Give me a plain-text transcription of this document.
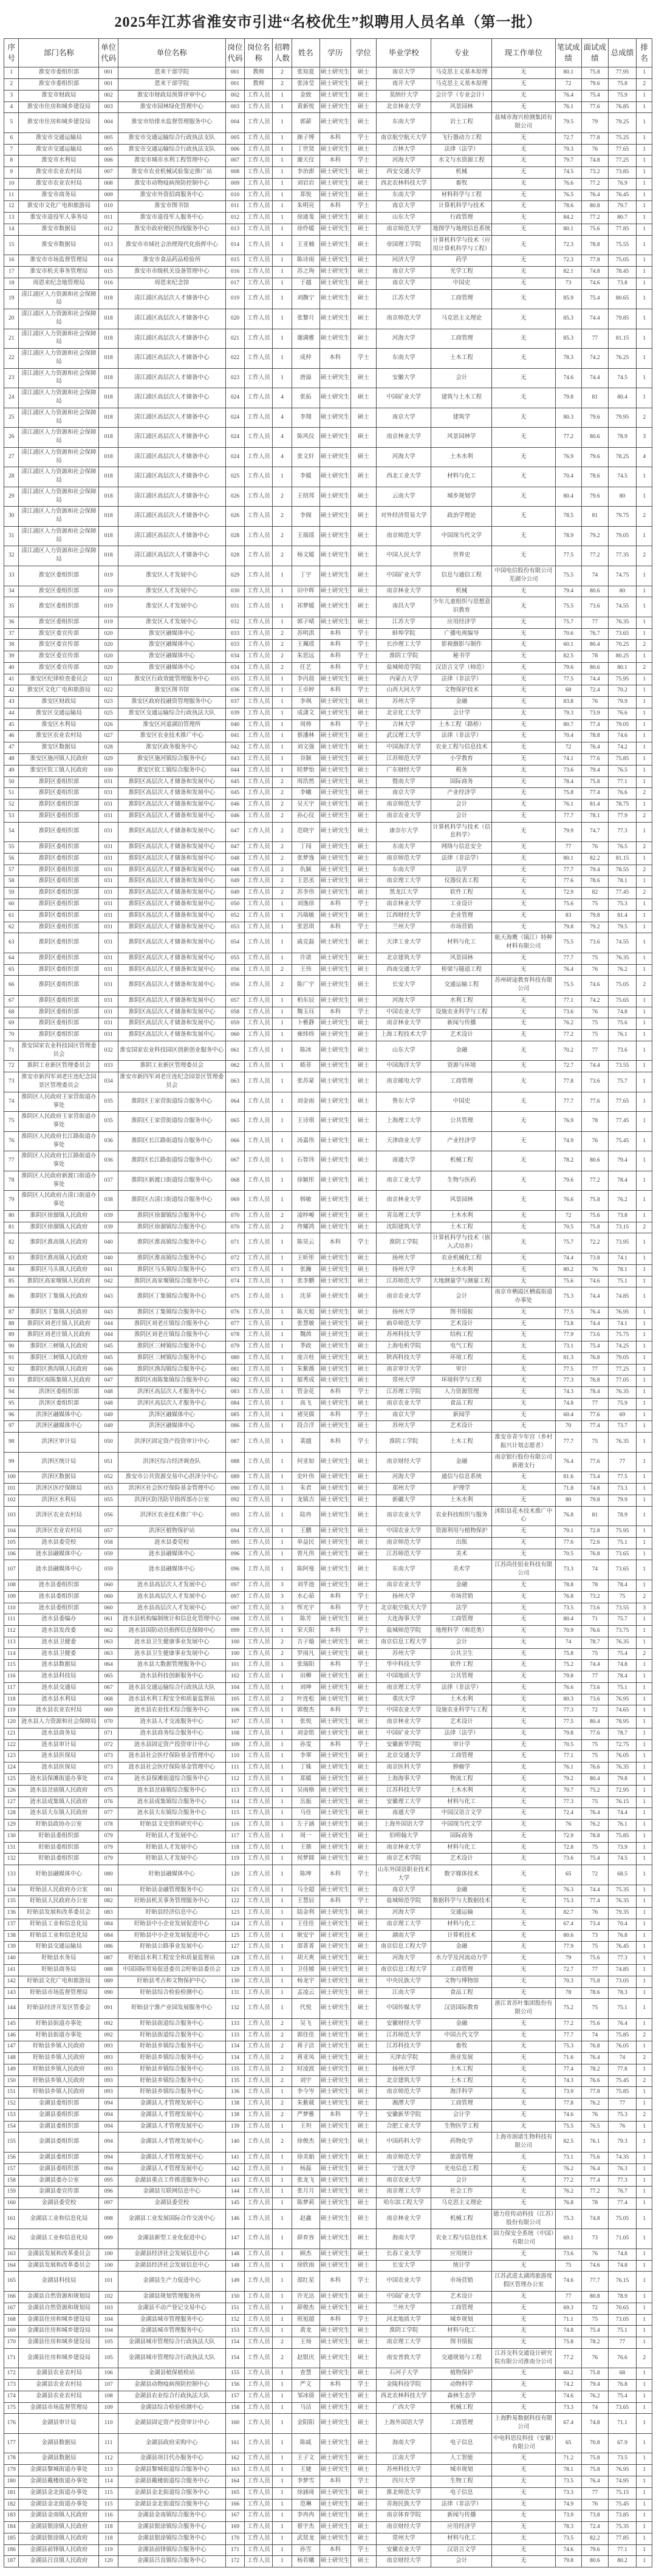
2025年江苏省淮安市引进“名校优生”拟聘用人员名单（第一批）
序号	部门名称	单位代码	单位名称	岗位代码	岗位名称	招聘人数	姓名	学历	学位	毕业学校	专业	现工作单位	笔试成绩	面试成绩	总成绩	排名
1	淮安市委组织部	001	恩来干部学院	001	教师	2	张知夏	硕士研究生	硕士	南京大学	马克思主义基本原理	无	80.1	75.8	77.95	1
2	淮安市委组织部	001	恩来干部学院	001	教师	2	张沛莹	硕士研究生	硕士	南开大学	马克思主义基本原理	无	72	79.6	75.8	2
3	淮安市财政局	002	淮安市财政局预算评审中心	002	工作人员	1	金致	硕士研究生	硕士	莫纳什大学	会计学（专业会计）	无	76.4	75.4	75.9	1
4	淮安市住房和城乡建设局	003	淮安市园林绿化管理中心	003	工作人员	1	黄新悦	硕士研究生	硕士	北京林业大学	风景园林	无	76.1	77.6	76.85	1
5	淮安市住房和城乡建设局	004	淮安市给排水监督管理服务中心	004	工作人员	1	郭薪	硕士研究生	硕士	东南大学	岩土工程	盐城市海兴检测集团有限公司	79.5	79	79.25	1
6	淮安市交通运输局	005	淮安市交通运输综合行政执法支队	005	工作人员	1	颜子博	本科	学士	南京航空航天大学	飞行器动力工程	无	72.7	77.8	75.25	1
7	淮安市交通运输局	005	淮安市交通运输综合行政执法支队	006	工作人员	1	丁世贤	硕士研究生	硕士	吉林大学	法律（法学）	无	79.3	76	77.65	1
8	淮安市水利局	006	淮安市城市水利工程管理中心	007	工作人员	1	谢天仪	本科	学士	河海大学	水文与水资源工程	无	79.7	74.8	77.25	1
9	淮安市农业农村局	007	淮安市农业机械试验鉴定推广站	008	工作人员	1	李治澎	硕士研究生	硕士	西安交通大学	机械	无	74.5	73.2	73.85	1
10	淮安市农业农村局	008	淮安市动物疫病预防控制中心	009	工作人员	1	刘岩岩	硕士研究生	硕士	西北农林科技大学	畜牧	无	76.6	77.2	76.9	1
11	淮安市商务局	009	淮安市外资招商服务中心	010	工作人员	1	郑悦	硕士研究生	硕士	东南大学	材料科学与工程	无	76.5	76.4	76.45	1
12	淮安市文化广电和旅游局	010	淮安市图书馆	011	工作人员	1	朱明亮	本科	学士	南京大学	计算机科学与技术	无	78.6	80.8	79.7	1
13	淮安市退役军人事务局	011	淮安市退役军人服务中心	012	工作人员	1	徐迪斐	硕士研究生	硕士	山东大学	行政管理	无	84.2	77.2	80.7	1
14	淮安市数据局	012	淮安市政府便民热线服务中心	013	工作人员	1	徐伶媛	硕士研究生	硕士	南京师范大学	地图学与地理信息系统	无	80.1	75.6	77.85	1
15	淮安市数据局	013	淮安市市域社会治理现代化指挥中心	014	工作人员	1	王亚楠	硕士研究生	硕士	帝国理工学院	计算机科学与技术（应用计算机科学与工程）	无	72.3	78.8	75.55	1
16	淮安市市场监督管理局	014	淮安市食品药品检验所	015	工作人员	1	陈诗雨	硕士研究生	硕士	同济大学	药学	无	72.3	77.8	75.05	1
17	淮安市机关事务管理局	015	淮安市市级机关设备管理中心	016	工作人员	1	苏之珣	硕士研究生	硕士	南京大学	光学工程	无	82.1	74.8	78.45	1
18	周恩来纪念地管理局	016	周恩来纪念馆	017	工作人员	1	于越	硕士研究生	硕士	南京大学	中国史	无	73	74.6	73.8	1
19	清江浦区人力资源和社会保障局	018	清江浦区高层次人才储备中心	019	工作人员	1	刘馥宁	硕士研究生	硕士	江苏大学	工商管理	无	85.9	75.4	80.65	1
20	清江浦区人力资源和社会保障局	018	清江浦区高层次人才储备中心	020	工作人员	1	张黎月	硕士研究生	硕士	南京师范大学	马克思主义理论	无	85.3	74.4	79.85	1
21	清江浦区人力资源和社会保障局	018	清江浦区高层次人才储备中心	021	工作人员	1	谢满雅	硕士研究生	硕士	河海大学	工商管理	无	85.3	77	81.15	1
22	清江浦区人力资源和社会保障局	018	清江浦区高层次人才储备中心	022	工作人员	1	成仲	本科	学士	东南大学	土木工程	无	78.3	74.2	76.25	1
23	清江浦区人力资源和社会保障局	018	清江浦区高层次人才储备中心	023	工作人员	1	唐溢	硕士研究生	硕士	安徽大学	会计	无	74.6	74.4	74.5	1
24	清江浦区人力资源和社会保障局	018	清江浦区高层次人才储备中心	024	工作人员	4	张拓	硕士研究生	硕士	中国矿业大学	建筑与土木工程	无	79.8	81	80.4	1
25	清江浦区人力资源和社会保障局	018	清江浦区高层次人才储备中心	024	工作人员	4	李翔	硕士研究生	硕士	南京大学	建筑学	无	80.3	79.6	79.95	2
26	清江浦区人力资源和社会保障局	018	清江浦区高层次人才储备中心	024	工作人员	4	陈风仪	硕士研究生	硕士	南京林业大学	风景园林学	无	77.2	80.6	78.9	3
27	清江浦区人力资源和社会保障局	018	清江浦区高层次人才储备中心	024	工作人员	4	张文轩	硕士研究生	硕士	河海大学	土木水利	无	76.9	79.6	78.25	4
28	清江浦区人力资源和社会保障局	018	清江浦区高层次人才储备中心	025	工作人员	1	李媛	硕士研究生	硕士	西北工业大学	材料与化工	无	70.4	78.6	74.5	1
29	清江浦区人力资源和社会保障局	018	清江浦区高层次人才储备中心	026	工作人员	2	王绍邦	硕士研究生	硕士	云南大学	城乡规划学	无	80.4	79.6	80	1
30	清江浦区人力资源和社会保障局	018	清江浦区高层次人才储备中心	026	工作人员	2	李阁	硕士研究生	硕士	对外经济贸易大学	政治学理论	无	78.5	81	79.75	2
31	清江浦区人力资源和社会保障局	018	清江浦区高层次人才储备中心	028	工作人员	2	王瑞瑶	硕士研究生	硕士	南京师范大学	中国现当代文学	无	78.9	79.2	79.05	1
32	清江浦区人力资源和社会保障局	018	清江浦区高层次人才储备中心	028	工作人员	2	杨文媛	硕士研究生	硕士	中国人民大学	世界史	无	77.5	77.2	77.35	2
33	淮安区委组织部	019	淮安区人才发展中心	029	工作人员	1	丁宇	硕士研究生	硕士	中国矿业大学	信息与通信工程	中国电信股份有限公司芜湖分公司	75.5	74	74.75	1
34	淮安区委组织部	019	淮安区人才发展中心	030	工作人员	1	田中辉	硕士研究生	硕士	南京林业大学	机械	无	79.4	80.6	80	1
35	淮安区委组织部	019	淮安区人才发展中心	031	工作人员	1	祁梦媛	硕士研究生	硕士	南昌大学	少年儿童组织与思想意识教育	无	75.5	73.6	74.55	1
36	淮安区委组织部	019	淮安区人才发展中心	032	工作人员	1	郭子晴	硕士研究生	硕士	江苏大学	应用经济学	无	75.7	77	76.35	1
37	淮安区委宣传部	020	淮安区融媒体中心	033	工作人员	2	苏明淇	本科	学士	蚌埠学院	广播电视编导	无	70.6	76.7	73.65	1
38	淮安区委宣传部	020	淮安区融媒体中心	033	工作人员	2	王珮瑶	本科	学士	长沙理工大学	影视摄影与制作	无	60.1	80.4	70.25	2
39	淮安区委宣传部	020	淮安区融媒体中心	034	工作人员	2	朱思远	本科	学士	淮阴工学院	秘书学	无	82.5	78	80.25	1
40	淮安区委宣传部	020	淮安区融媒体中心	034	工作人员	2	任艺	本科	学士	盐城师范学院	汉语言文学（师范）	无	79.6	80.6	80.1	2
41	淮安区纪律检查委员会	021	淮安区行政效能管理服务中心	035	工作人员	1	李丙晨	硕士研究生	硕士	内蒙古大学	法律（非法学）	无	77.5	74.4	75.95	1
42	淮安区文化广电和旅游局	022	淮安区图书馆	036	工作人员	1	王卓婷	本科	学士	山西大同大学	文物保护技术	无	68	72.4	70.2	1
43	淮安区财政局	023	淮安区政府投融资管理服务中心	037	工作人员	1	李飒	硕士研究生	硕士	苏州大学	金融	无	83.8	76	79.9	1
44	淮安区交通运输局	025	淮安区交通运输综合行政执法大队	039	工作人员	1	成潇文	硕士研究生	硕士	北京化工大学	会计学	无	79.3	73.9	76.6	1
45	淮安区水利局	026	淮安区河道湖泊管理所	040	工作人员	1	周帅	本科	学士	吉林大学	土木工程（路桥）	无	80.7	77.4	79.05	1
46	淮安区农业农村局	027	淮安区农业技术推广中心	041	工作人员	1	蔡潘林	硕士研究生	硕士	武汉理工大学	法律（非法学）	无	70.4	78.8	74.6	1
47	淮安区数据局	028	淮安区政务服务中心	042	工作人员	1	刘文强	硕士研究生	硕士	中国海洋大学	农业工程与信息技术	无	72	76.4	74.2	1
48	淮安区施河镇人民政府	029	淮安区施河镇综合服务中心	043	工作人员	1	谷颖	硕士研究生	硕士	江苏师范大学	小学教育	无	74.1	77.6	75.85	1
49	淮安区钦工镇人民政府	030	淮安区钦工镇综合服务中心	044	工作人员	1	眭梦怡	硕士研究生	硕士	广东财经大学	税务	无	73.6	79.4	76.5	1
50	淮阴区委组织部	031	淮阴区高层次人才储备和发展中心	045	工作人员	2	周浩然	硕士研究生	硕士	暨南大学	国际商务	无	78.4	75.8	77.1	1
51	淮阴区委组织部	031	淮阴区高层次人才储备和发展中心	045	工作人员	2	李曦	硕士研究生	硕士	南京大学	产业经济学	无	75.8	77.4	76.6	2
52	淮阴区委组织部	031	淮阴区高层次人才储备和发展中心	046	工作人员	2	吴天宇	硕士研究生	硕士	南京师范大学	会计	无	76.1	81.4	78.75	1
53	淮阴区委组织部	031	淮阴区高层次人才储备和发展中心	046	工作人员	2	孙心仪	硕士研究生	硕士	南京农业大学	会计	无	77.7	78.1	77.9	2
54	淮阴区委组织部	031	淮阴区高层次人才储备和发展中心	047	工作人员	2	范晓宇	硕士研究生	硕士	康奈尔大学	计算机科学与技术（信息科学）	无	79.9	74.7	77.3	1
55	淮阴区委组织部	031	淮阴区高层次人才储备和发展中心	047	工作人员	2	丁闯	硕士研究生	硕士	东南大学	网络与信息安全	无	77	76	76.5	2
56	淮阴区委组织部	031	淮阴区高层次人才储备和发展中心	048	工作人员	2	张梦逸	硕士研究生	硕士	南京师范大学	法律（非法学）	无	80.1	82.2	81.15	1
57	淮阴区委组织部	031	淮阴区高层次人才储备和发展中心	048	工作人员	2	仇颖	硕士研究生	硕士	东南大学	法学	无	77.7	79.4	78.55	2
58	淮阴区委组织部	031	淮阴区高层次人才储备和发展中心	049	工作人员	2	王思丞	硕士研究生	硕士	南京理工大学	仪器仪表工程	无	77.6	78.6	78.1	1
59	淮阴区委组织部	031	淮阴区高层次人才储备和发展中心	049	工作人员	2	苏李伟	硕士研究生	硕士	黑龙江大学	软件工程	无	72.9	82	77.45	2
60	淮阴区委组织部	031	淮阴区高层次人才储备和发展中心	050	工作人员	1	刘逸徐	本科	学士	南京林业大学	工业设计	无	75.6	75	75.3	1
61	淮阴区委组织部	031	淮阴区高层次人才储备和发展中心	052	工作人员	1	冯瑞敏	硕士研究生	硕士	江西财经大学	企业管理	无	83	79.8	81.4	1
62	淮阴区委组织部	031	淮阴区高层次人才储备和发展中心	053	工作人员	1	张思琪	本科	学士	兰州大学	市场营销	无	79.8	79.2	79.5	1
63	淮阴区委组织部	031	淮阴区高层次人才储备和发展中心	054	工作人员	1	戚克磊	硕士研究生	硕士	天津工业大学	材料与化工	航天海鹰（镇江）特种材料有限公司	75.5	73.6	74.55	1
64	淮阴区委组织部	031	淮阴区高层次人才储备和发展中心	055	工作人员	1	许诺	硕士研究生	硕士	北京建筑大学	风景园林	无	77.7	75	76.35	1
65	淮阴区委组织部	031	淮阴区高层次人才储备和发展中心	056	工作人员	2	王伟	硕士研究生	硕士	西南交通大学	桥梁与隧道工程	无	76.4	76	76.2	1
66	淮阴区委组织部	031	淮阴区高层次人才储备和发展中心	056	工作人员	2	陈广宇	硕士研究生	硕士	长安大学	交通运输工程	苏州研途教育科技有限公司	75.5	74.6	75.05	2
67	淮阴区委组织部	031	淮阴区高层次人才储备和发展中心	057	工作人员	1	柏东辰	硕士研究生	硕士	河海大学	水利工程	无	77.1	74.2	75.65	1
68	淮阴区委组织部	031	淮阴区高层次人才储备和发展中心	058	工作人员	1	魏玉珏	本科	学士	中国农业大学	设施农业科学与工程	无	73.6	76	74.8	1
69	淮阴区委组织部	031	淮阴区高层次人才储备和发展中心	059	工作人员	1	卜雅静	硕士研究生	硕士	南京林业大学	新闻与传播	无	76.2	75	75.6	1
70	淮阴区委组织部	031	淮阴区高层次人才储备和发展中心	060	工作人员	1	雍炜炜	硕士研究生	硕士	上海工程技术大学	艺术设计	无	77.2	75	76.1	1
71	淮安国家农业科技园区管理委员会	032	淮安国家农业科技园区创新创业服务中心	061	工作人员	1	陈冰	硕士研究生	硕士	山东大学	金融	无	70.2	77	73.6	1
72	淮阴工业新区管理委员会	033	淮阴工业新区管理委员会	062	工作人员	1	嵇菲	硕士研究生	硕士	中国海洋大学	资源与环境	无	72.7	74.4	73.55	1
73	淮安市新四军刘老庄连纪念园景区管理委员会	034	淮安市新四军刘老庄连纪念园景区管理委员会	063	工作人员	1	张苏蒙	硕士研究生	硕士	南京邮电大学	工商管理	无	77.8	73.6	75.7	1
74	淮阴区人民政府王家营街道办事处	035	淮阴区王家营街道综合服务中心	064	工作人员	1	刘金雨	硕士研究生	硕士	鲁东大学	中国史	无	77.7	77.6	77.65	1
75	淮阴区人民政府王家营街道办事处	035	淮阴区王家营街道综合服务中心	065	工作人员	1	王诗琪	硕士研究生	硕士	上海理工大学	公共管理	无	76.9	78	77.45	1
76	淮阴区人民政府长江路街道办事处	036	淮阴区长江路街道综合服务中心	066	工作人员	1	汤嘉伟	硕士研究生	硕士	天津商业大学	产业经济学	无	74.9	76	75.45	1
77	淮阴区人民政府长江路街道办事处	036	淮阴区长江路街道综合服务中心	067	工作人员	1	石智玮	硕士研究生	硕士	南通大学	机械工程	无	78.2	80.6	79.4	1
78	淮阴区人民政府新渡口街道办事处	037	淮阴区新渡口街道综合服务中心	068	工作人员	1	徐颖彤	硕士研究生	硕士	南京工业大学	生物与医药	无	79.6	77.2	78.4	1
79	淮阴区人民政府古清口街道办事处	038	淮阴区古清口街道综合服务中心	069	工作人员	1	韩敏	硕士研究生	硕士	南京林业大学	风景园林	无	76.6	75.8	76.2	1
80	淮阴区徐溜镇人民政府	039	淮阴区徐溜镇综合服务中心	070	工作人员	2	凌梓峻	硕士研究生	硕士	青岛理工大学	土木水利	无	72	75.6	73.8	1
81	淮阴区徐溜镇人民政府	039	淮阴区徐溜镇综合服务中心	070	工作人员	2	佟耀鸿	硕士研究生	硕士	沈阳建筑大学	土木工程	无	70.5	75.8	73.15	2
82	淮阴区淮高镇人民政府	040	淮阴区淮高镇综合服务中心	071	工作人员	1	陈昊云	本科	学士	淮阴工学院	计算机科学与技术（嵌入式培养）	无	75.7	72.2	73.95	1
83	淮阴区淮高镇人民政府	040	淮阴区淮高镇综合服务中心	072	工作人员	1	王昕彤	硕士研究生	硕士	扬州大学	农业机械化工程	无	74.4	73.8	74.1	1
84	淮阴区马头镇人民政府	041	淮阴区马头镇综合服务中心	073	工作人员	1	张瀚	硕士研究生	硕士	扬州大学	土木水利	无	80.2	76	78.1	1
85	淮阴区高家堰镇人民政府	042	淮阴区高家堰镇综合服务中心	074	工作人员	1	张李鹏	硕士研究生	硕士	江苏师范大学	大地测量学与测量工程	无	75.6	74.6	75.1	1
86	淮阴区丁集镇人民政府	043	淮阴区丁集镇综合服务中心	075	工作人员	1	沈菲	硕士研究生	硕士	南京农业大学	会计	南京市栖霞区栖霞街道办事处	75.3	74.4	74.85	1
87	淮阴区丁集镇人民政府	043	淮阴区丁集镇综合服务中心	076	工作人员	1	陈天旭	硕士研究生	硕士	扬州大学	图书情报	无	77.5	76.4	76.95	1
88	淮阴区刘老庄镇人民政府	044	淮阴区刘老庄镇综合服务中心	077	工作人员	1	张慧敏	硕士研究生	硕士	曲阜师范大学	艺术设计	无	73.8	74.4	74.1	1
89	淮阴区刘老庄镇人民政府	044	淮阴区刘老庄镇综合服务中心	078	工作人员	1	魏茜	硕士研究生	硕士	苏州科技大学	结构工程	无	77.9	73.6	75.75	1
90	淮阴区三树镇人民政府	045	淮阴区三树镇综合服务中心	079	工作人员	1	季政	硕士研究生	硕士	上海电机学院	电气工程	无	73.1	75.4	74.25	1
91	淮阴区三树镇人民政府	045	淮阴区三树镇综合服务中心	080	工作人员	1	庞吉桂	硕士研究生	硕士	陕西科技大学	环境工程	无	81.3	76.8	79.05	1
92	淮阴区渔沟镇人民政府	046	淮阴区渔沟镇综合服务中心	081	工作人员	1	朱紫薇	硕士研究生	硕士	南京审计大学	审计	无	77.5	77	77.25	1
93	淮阴区南陈集镇人民政府	047	淮阴区南陈集镇综合服务中心	082	工作人员	1	郁秀成	硕士研究生	硕士	常州大学	环境科学与工程	无	77.3	76.8	77.05	1
94	洪泽区委组织部	048	洪泽区高层次人才服务中心	083	工作人员	1	管金花	本科	学士	江苏理工学院	人力资源管理	无	74.3	78.4	76.35	1
95	洪泽区委组织部	048	洪泽区高层次人才服务中心	084	工作人员	1	高飞	硕士研究生	硕士	南京农业大学	食品工程	无	74.8	77	75.9	1
96	洪泽区融媒体中心	049	洪泽区融媒体中心	085	工作人员	1	褚昊儒	本科	学士	南京大学	新闻学	无	60.4	77.6	69	1
97	洪泽区融媒体中心	049	洪泽区融媒体中心	086	工作人员	1	段合洋	硕士研究生	硕士	苏州大学	艺术设计	无	70	77.4	73.7	1
98	洪泽区审计局	050	洪泽区固定资产投资审计中心	087	工作人员	1	裴越	本科	学士	淮阴工学院	土木工程	淮安市青少年宫（乡村振兴计划志愿者）	77.7	75	76.35	1
99	洪泽区统计局	051	洪泽区综合经济调查队	088	工作人员	1	何亚如	硕士研究生	硕士	南京财经大学	金融	南京银行股份有限公司新港支行	76.4	77.6	77	1
100	洪泽区数据局	052	淮安市公共资源交易中心洪泽分中心	089	工作人员	1	史叶伟	硕士研究生	硕士	河海大学	通信与信息系统	无	81.6	73.4	77.5	1
101	洪泽区医疗保障局	053	洪泽区社会医疗保险基金管理中心	090	工作人员	1	朱君	硕士研究生	硕士	郑州大学	护理学	无	71.8	74.8	73.3	1
102	洪泽区水利局	055	洪泽区防汛防旱指挥部办公室	092	工作人员	1	龙镇吉	硕士研究生	硕士	新疆大学	土木水利	无	80	79.8	79.9	1
103	洪泽区农业农村局	056	洪泽区农业技术推广中心	093	工作人员	1	陆冉	硕士研究生	硕士	南京农业大学	农业科技组织与服务	沭阳县花木技术推广中心	76.8	81	78.9	1
104	洪泽区农业农村局	057	洪泽区植物保护站	094	工作人员	1	王鹏	硕士研究生	硕士	中国农业大学	资源利用与植物保护	无	79.1	72.8	75.95	1
105	涟水县委党校	058	涟水县委党校	095	工作人员	1	单益民	硕士研究生	硕士	南京师范大学	出版	无	77.6	72.6	75.1	1
106	涟水县融媒体中心	059	涟水县融媒体中心	096	工作人员	1	曾凡伟	硕士研究生	硕士	江苏师范大学	美术	无	70.5	76.8	73.65	1
107	涟水县融媒体中心	059	涟水县融媒体中心	096	工作人员	1	陈阿曼	硕士研究生	硕士	东南大学	美术学	江苏尚佳铝业科技有限公司	73.3	74	73.65	1
108	涟水县委组织部	060	涟水县高层次人才发展中心	097	工作人员	3	刘芊池	硕士研究生	硕士	南京农业大学	金融	无	78.8	78	78.4	1
109	涟水县委组织部	060	涟水县高层次人才发展中心	097	工作人员	3	水心茹	本科	学士	扬州大学	市场营销	无	76.8	73.2	75	2
110	涟水县委组织部	060	涟水县高层次人才发展中心	097	工作人员	3	恽光宇	本科	学士	北京航空航天大学	法学	无	73.5	73.6	73.55	3
111	涟水县委编办	061	涟水县机构编制统计和信息化管理中心	098	工作人员	1	陈芳	硕士研究生	硕士	大连海事大学	工商管理	无	80.4	71	75.7	1
112	涟水县发改委	062	涟水县国防动员指挥信息保障中心	099	工作人员	1	荣天阳	本科	学士	盐城师范学院	地理科学（师范类）	无	70.9	76.6	73.75	1
113	涟水县卫健委	063	涟水县卫生健康事业发展中心	100	工作人员	2	吉子璇	硕士研究生	硕士	南京信息工程大学	会计	无	74	78.7	76.35	1
114	涟水县卫健委	063	涟水县卫生健康事业发展中心	100	工作人员	2	罗雨凡	硕士研究生	硕士	苏州大学	公共卫生	无	75.8	75	75.4	2
115	涟水县数据局	064	涟水县大数据管理服务中心	101	工作人员	1	张瑞阳	本科	学士	华中科技大学	软件工程	无	75.2	74.4	74.8	1
116	涟水县科技局	065	涟水县科技创新服务中心	102	工作人员	1	田柳	硕士研究生	硕士	中国地质大学	公共管理	无	79.8	77	78.4	1
117	涟水县交通局	067	涟水县交通运输综合行政执法大队	104	工作人员	1	刘坤	硕士研究生	硕士	南京理工大学	法律（非法学）	无	76.6	73.6	75.1	1
118	涟水县水利局	068	涟水县水利工程安全和质量监督站	105	工作人员	2	叶连松	硕士研究生	硕士	重庆大学	土木水利	无	80.3	73.6	76.95	1
119	涟水县农业农村局	069	涟水县农业技术综合服务中心	106	工作人员	1	郭俊杰	本科	学士	中国农业大学	设施农业科学与工程	无	77.3	72	74.65	1
120	涟水县人力资源和社会保障局	070	涟水县人才交流服务中心	107	工作人员	1	张悦	硕士研究生	硕士	南京林业大学	艺术设计	无	77.5	80.4	78.95	1
121	涟水县商务局	071	涟水县商务综合服务中心	108	工作人员	1	刘金铭	硕士研究生	硕士	中国矿业大学	法律（法学）	无	79.8	77.6	78.7	1
122	涟水县审计局	072	涟水县固定资产投资审计中心	109	工作人员	1	孙雯	本科	学士	安徽新华学院	审计学	无	70.5	75	72.75	1
123	涟水县医保局	073	涟水县社会医疗保险基金管理中心	110	工作人员	1	李翠	硕士研究生	硕士	北京交通大学	工商管理	无	77.1	75	76.05	1
124	涟水县医保局	073	涟水县社会医疗保险基金管理中心	111	工作人员	1	丁姝	硕士研究生	硕士	南京医科大学	肿瘤学	无	76.1	76.6	76.35	1
125	涟水县保滩街道办事处	074	涟水县保滩街道综合服务中心	112	工作人员	1	郑媛	硕士研究生	硕士	上海海事大学	物流工程	无	79.2	80.4	79.8	1
126	涟水县岔庙镇人民政府	075	涟水县岔庙镇综合服务中心	113	工作人员	1	吴雨格	硕士研究生	硕士	江苏科技大学	土木水利	无	70.7	75.2	72.95	1
127	涟水县成集镇人民政府	076	涟水县成集镇综合服务中心	114	工作人员	1	岳振	硕士研究生	硕士	安徽理工大学	材料与化工	无	77.3	75	76.15	1
128	涟水县大东镇人民政府	077	涟水县大东镇综合服务中心	115	工作人员	1	马佳	硕士研究生	硕士	南通大学	中国汉语言文学	无	72.4	76.4	74.4	1
129	盱眙县政协办公室	078	盱眙县文史资料研究中心	116	工作人员	1	左子涵	硕士研究生	硕士	上海外国语大学	中国现当代文学	无	76	76.2	76.1	1
130	盱眙县委组织部	079	盱眙县人才发展中心	117	工作人员	1	周一	硕士研究生	硕士	伯明翰大学	国际商务	无	72.9	78.8	75.85	1
131	盱眙县委组织部	079	盱眙县人才发展中心	118	工作人员	1	王鼎	硕士研究生	硕士	南京林业大学	材料与化工	无	72.8	75	73.9	1
132	盱眙县委组织部	079	盱眙县人才发展中心	119	工作人员	1	侯梦圆	硕士研究生	硕士	南京艺术学院	艺术设计	无	73.6	75.4	74.5	1
133	盱眙县融媒体中心	080	盱眙县融媒体中心	120	工作人员	1	陈坤	本科	学士	山东外国语职业技术大学	数字媒体技术	无	65	72	68.5	1
134	盱眙县人民政府办公室	081	盱眙县金融管理服务中心	121	工作人员	1	马全超	硕士研究生	硕士	南京大学	金融	无	76.3	74.4	75.35	1
135	盱眙县人民政府办公室	082	盱眙县机关事务管理服务中心	122	工作人员	1	王慧辰	本科	学士	盐城师范学院	数据科学与大数据技术	无	75.3	77.4	76.35	1
136	盱眙县发展和改革委员会	083	盱眙县经济信息中心	123	工作人员	1	陆金利	硕士研究生	硕士	河海大学	交通运输	无	82.7	76	79.35	1
137	盱眙县工业和信息化局	084	盱眙县中小企业发展促进中心	124	工作人员	1	王佳佳	硕士研究生	硕士	南京理工大学	材料与化工	无	67.4	73.4	70.4	1
138	盱眙县工业和信息化局	084	盱眙县中小企业发展促进中心	125	工作人员	1	耿安宇	硕士研究生	硕士	湖南大学	计算机技术	无	80.6	73	76.8	1
139	盱眙县交通运输局	086	盱眙县公路事业发展中心	127	工作人员	1	邵菁菁	硕士研究生	硕士	南京信息工程大学	金融	无	77.9	75	76.45	1
140	盱眙县水务局	087	盱眙县水利工程安全和质量监督站	128	工作人员	1	胡天爽	硕士研究生	硕士	河海大学	水力学及河流动力学	无	79	75.6	77.3	1
141	盱眙县商务局	088	中国国际贸易促进委员会盱眙县委员会	129	工作人员	1	卫佳嫒	硕士研究生	硕士	南京信息工程大学	工商管理	无	72.7	77	74.85	1
142	盱眙县文化广电和旅游局	089	盱眙县考古和文物保护中心	130	工作人员	1	杨龙宇	硕士研究生	硕士	中央民族大学	文物与博物馆	无	70.3	75.8	73.05	1
143	盱眙县市场监督管理局	090	盱眙县综合检验检测中心	131	工作人员	1	孟凌云	硕士研究生	硕士	江南大学	食品工程	无	78	78.6	78.3	1
144	盱眙县经济开发区管委会	091	盱眙县宁淮产业园发展服务中心	132	工作人员	1	代悦	硕士研究生	硕士	中国传媒大学	汉语国际教育	浙江省苏叶集团股份有限公司	75.2	75	75.1	1
145	盱眙县街道办事处	092	盱眙县街道综合服务中心	133	工作人员	2	吴飞	硕士研究生	硕士	安徽财经大学	金融	无	77.2	75.6	76.4	1
146	盱眙县街道办事处	092	盱眙县街道综合服务中心	133	工作人员	2	郭佳佳	硕士研究生	硕士	江苏师范大学	中国古代文学	无	77.7	74	75.85	2
147	盱眙县乡镇人民政府	093	盱眙县乡镇综合服务中心	134	工作人员	2	蒋子洁	硕士研究生	硕士	江苏科技大学	畜牧	无	75.3	76.8	76.05	1
148	盱眙县乡镇人民政府	093	盱眙县乡镇综合服务中心	134	工作人员	2	蒋亚凤	硕士研究生	硕士	天津农学院	渔业发展	无	71.6	76.4	74	2
149	盱眙县乡镇人民政府	093	盱眙县乡镇综合服务中心	135	工作人员	2	时凌波	硕士研究生	硕士	扬州大学	土木工程	无	77.4	78.2	77.8	1
150	盱眙县乡镇人民政府	093	盱眙县乡镇综合服务中心	135	工作人员	2	刘宇	硕士研究生	硕士	北京建筑大学	土木工程	无	74.3	76.6	75.45	2
151	盱眙县乡镇人民政府	093	盱眙县乡镇综合服务中心	136	工作人员	1	李今岑	硕士研究生	硕士	南京师范大学	海洋科学	无	73.9	77.8	75.85	1
152	金湖县委组织部	094	金湖县人才管理发展中心	138	工作人员	2	朱紫葳	硕士研究生	硕士	湘潭大学	工商管理	无	77.8	76.2	77	1
153	金湖县委组织部	094	金湖县人才管理发展中心	138	工作人员	2	严梦雅	本科	学士	安徽新华学院	会计学	无	74.6	76	75.3	2
154	金湖县委组织部	094	金湖县人才管理发展中心	139	工作人员	1	王坦	硕士研究生	硕士	合肥工业大学	生物医学工程	无	75.5	76.5	76	1
155	金湖县委组织部	094	金湖县人才管理发展中心	140	工作人员	2	徐俊杰	硕士研究生	硕士	中国药科大学	药物化学	上海市润诺生物科技有限公司	82.5	76.1	79.3	1
156	金湖县委组织部	094	金湖县人才管理发展中心	141	工作人员	1	徐美娟	硕士研究生	硕士	南京师范大学	旅游管理	无	73.1	75.6	74.35	1
157	金湖县委组织部	094	金湖县人才管理发展中心	142	工作人员	1	杨磊	硕士研究生	硕士	宁波大学	光电信息工程	无	76.2	76.4	76.3	1
158	金湖县委办公室	095	金湖县重点工作推进服务中心	143	工作人员	1	张龙飞	硕士研究生	硕士	南京农业大学	会计	无	77.2	77.4	77.3	1
159	金湖县委宣传部	096	金湖县互联网信息中心	144	工作人员	1	张月月	硕士研究生	硕士	南京理工大学	社会工作	无	76.2	77.2	76.7	1
160	金湖县委党校	097	金湖县委党校	145	工作人员	1	陈梦莉	硕士研究生	硕士	哈尔滨工程大学	马克思主义理论	无	76.8	78	77.4	1
161	金湖县工业和信息化局	098	金湖县工业发展国际合作交流中心	146	工作人员	1	赵鑫	硕士研究生	硕士	南京林业大学	机械工程	德力佳传动科技（江苏）股份有限公司	75.3	74.8	75.05	1
162	金湖县工业和信息化局	099	金湖县新型工业化促进中心	147	工作人员	1	薛育容	硕士研究生	硕士	海南大学	农业工程与信息技术	固力保安全系统（中国）有限公司	69.1	73	71.05	1
163	金湖县发展和改革委员会	100	金湖县经济社会发展信息中心	148	工作人员	1	顾杰	硕士研究生	硕士	长春工业大学	应用统计	无	73.6	76	74.8	1
164	金湖县发展和改革委员会	100	金湖县经济社会发展信息中心	148	工作人员	1	徐欣雨	硕士研究生	硕士	长安大学	统计学	无	75	74.6	74.8	1
165	金湖县科技局	101	金湖县生产力促进中心	149	工作人员	1	邵红星	本科	学士	中国农业大学	市场营销	江苏武进太湖湾旅游度假区管理办公室	74.6	77.7	76.15	1
166	金湖县自然资源和规划局	102	金湖县规划管理服务所	150	工作人员	1	许光达	硕士研究生	硕士	中国矿业大学	艺术设计	无	77	80.8	78.9	1
167	金湖县自然资源和规划局	103	金湖县不动产登记交易中心	151	工作人员	1	薛俊杰	硕士研究生	硕士	兰州大学	工商管理	无	69.3	72	70.65	1
168	金湖县住房和城乡建设局	104	金湖县城市管理服务中心	152	工作人员	1	班旭超	本科	学士	河北地质大学	城乡规划	无	71.1	75	73.05	1
169	金湖县住房和城乡建设局	104	金湖县城市管理服务中心	153	工作人员	1	黄龙	硕士研究生	硕士	淮阴工学院	材料与化工	无	74.8	75.4	75.1	1
170	金湖县住房和城乡建设局	105	金湖县城市管理综合行政执法大队	154	工作人员	2	王炀	硕士研究生	硕士	南京理工大学	图书情报	无	75.8	78.2	77	1
171	金湖县住房和城乡建设局	105	金湖县城市管理综合行政执法大队	154	工作人员	2	赵银庆	硕士研究生	硕士	南安普敦大学	交通规划与工程	江苏交科交通设计研究院有限公司淮南分公司	77.2	76	76.6	2
172	金湖县农业农村局	106	金湖县植保植检站	155	工作人员	1	查慧	硕士研究生	硕士	石河子大学	植物保护	无	60.2	75.8	68	1
173	金湖县农业农村局	107	金湖县动物疫病预防控制中心	156	工作人员	1	严文	本科	学士	金陵科技学院	动物科学	无	74.2	79.4	76.8	1
174	金湖县农业农村局	108	金湖县农业综合行政执法大队	157	工作人员	1	邹冰倩	硕士研究生	硕士	西北农林科技大学	森林生态学	无	74.6	76.2	75.4	1
175	金湖县市场监督管理局	109	金湖县综合检验检测中心	158	工作人员	1	马洁	硕士研究生	硕士	广西大学	机械工程	无	73.3	74	73.65	1
176	金湖县审计局	110	金湖县固定资产投资审计中心	160	工作人员	1	金阳阳	硕士研究生	硕士	上海外国语大学	工商管理	上海黔易数据科技有限公司	67.4	74.8	71.1	1
177	金湖县数据局	111	金湖县政府采购中心	161	工作人员	1	陈威	硕士研究生	硕士	海南大学	电子信息	中电科思仪科技（安徽）有限公司	65	70.8	67.9	1
178	金湖县数据局	112	金湖县项目代办服务中心	162	工作人员	1	王子文	硕士研究生	硕士	江南大学	人工智能	无	71.2	75.8	73.5	1
179	金湖县黎城街道办事处	113	金湖县黎城街道综合服务中心	163	工作人员	1	王婕	硕士研究生	硕士	苏州科技大学	城市规划	无	78.1	75.8	76.95	1
180	金湖县戴楼街道办事处	114	金湖县戴楼街道综合服务中心	164	工作人员	1	李梦雪	本科	学士	四川大学	生物工程	无	73.5	76.4	74.95	1
181	金湖县金北街道办事处	115	金湖县金北街道综合服务中心	165	工作人员	1	徐涵琦	硕士研究生	硕士	淮北师范大学	电子信息	无	73.3	77	75.15	1
182	金湖县金北街道办事处	115	金湖县金北街道综合服务中心	166	工作人员	1	范琳	硕士研究生	硕士	青海民族大学	法律（非法学）	无	74.9	76	75.45	1
183	金湖县金南镇人民政府	116	金湖县金南镇综合服务中心	167	工作人员	1	李冉冉	硕士研究生	硕士	南京体育学院	新闻与传播	无	73.9	73.8	73.85	1
184	金湖县银涂镇人民政府	118	金湖县银涂镇综合服务中心	169	工作人员	1	蔡宇杰	硕士研究生	硕士	南京财经大学	应用经济学	无	78.3	72.4	75.35	1
185	金湖县银涂镇人民政府	118	金湖县银涂镇综合服务中心	170	工作人员	1	武贤龙	硕士研究生	硕士	常州大学	材料与化工	无	73.5	82.2	77.85	1
186	金湖县前锋镇人民政府	119	金湖县前锋镇综合服务中心	171	工作人员	1	孙雪	本科	学士	安徽农业大学	汉语言文学	无	74.6	79.6	77.1	1
187	金湖县吕良镇人民政府	120	金湖县吕良镇综合服务中心	172	工作人员	1	杨若曦	硕士研究生	硕士	南京财经大学	会计	无	79.8	80.6	80.2	1
